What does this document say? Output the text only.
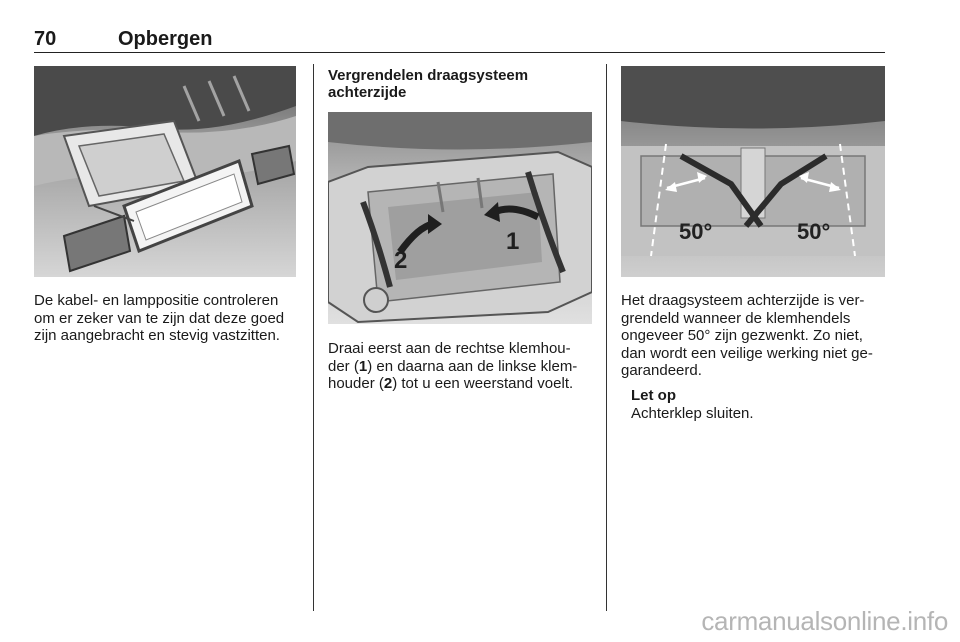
70	Opbergen
De kabel- en lamppositie controleren om er zeker van te zijn dat deze goed zijn aangebracht en stevig vastzitten.
Vergrendelen draagsysteem
achterzijde
1
2
Draai eerst aan de rechtse klemhou-der (1) en daarna aan de linkse klem-houder (2) tot u een weerstand voelt.
50°	50°
Het draagsysteem achterzijde is ver-grendeld wanneer de klemhendels ongeveer 50° zijn gezwenkt. Zo niet, dan wordt een veilige werking niet ge-garandeerd.
Let op
Achterklep sluiten.
carmanualsonline.info
